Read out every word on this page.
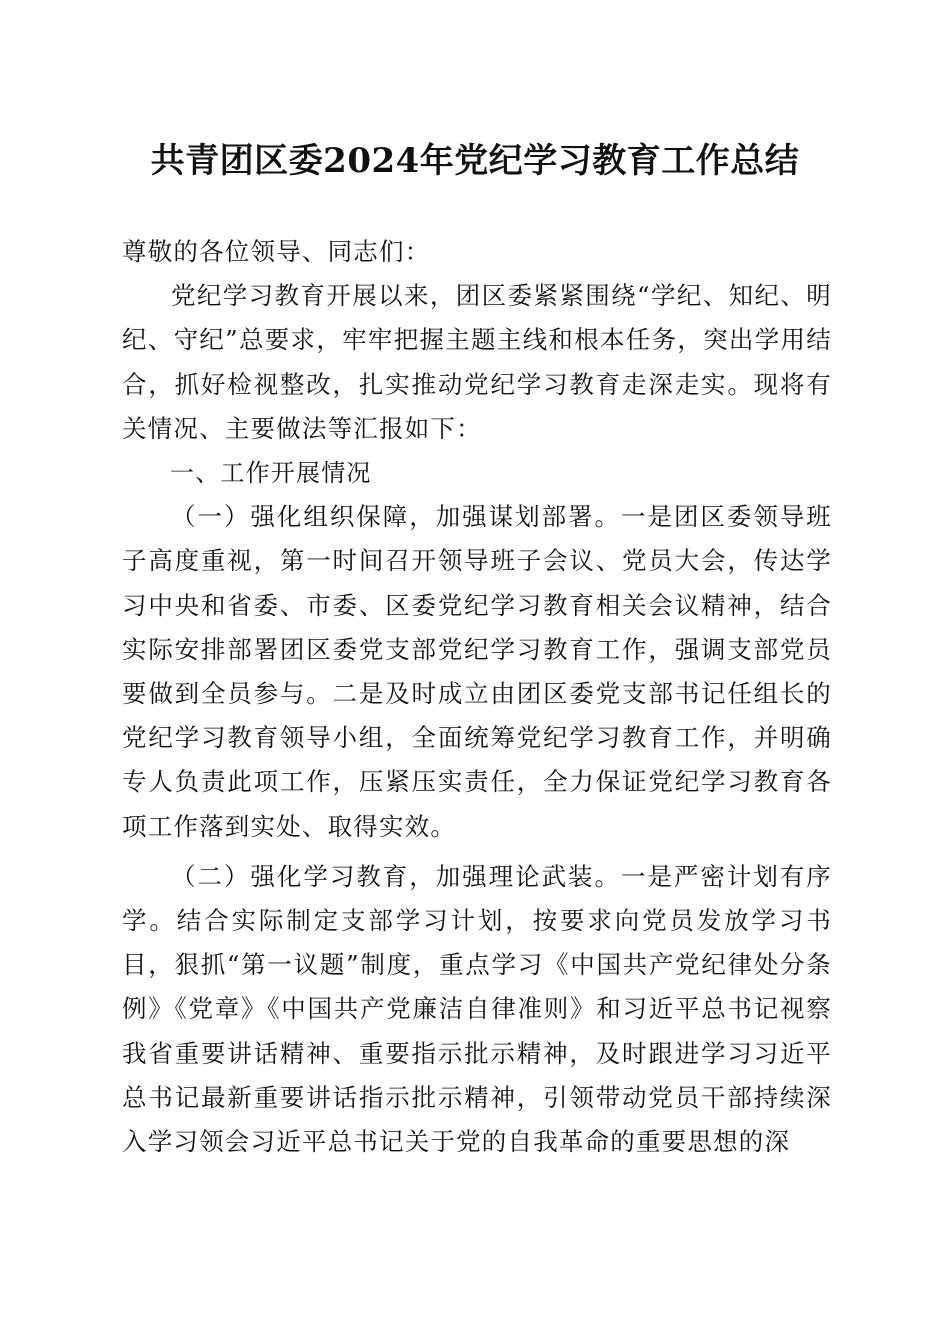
共青团区委2024年党纪学习教育工作总结

尊敬的各位领导、同志们：

党纪学习教育开展以来，团区委紧紧围绕“学纪、知纪、明纪、守纪”总要求，牢牢把握主题主线和根本任务，突出学用结合，抓好检视整改，扎实推动党纪学习教育走深走实。现将有关情况、主要做法等汇报如下：

一、工作开展情况

（一）强化组织保障，加强谋划部署。一是团区委领导班子高度重视，第一时间召开领导班子会议、党员大会，传达学习中央和省委、市委、区委党纪学习教育相关会议精神，结合实际安排部署团区委党支部党纪学习教育工作，强调支部党员要做到全员参与。二是及时成立由团区委党支部书记任组长的党纪学习教育领导小组，全面统筹党纪学习教育工作，并明确专人负责此项工作，压紧压实责任，全力保证党纪学习教育各项工作落到实处、取得实效。

（二）强化学习教育，加强理论武装。一是严密计划有序学。结合实际制定支部学习计划，按要求向党员发放学习书目，狠抓“第一议题”制度，重点学习《中国共产党纪律处分条例》《党章》《中国共产党廉洁自律准则》和习近平总书记视察我省重要讲话精神、重要指示批示精神，及时跟进学习习近平总书记最新重要讲话指示批示精神，引领带动党员干部持续深入学习领会习近平总书记关于党的自我革命的重要思想的深
